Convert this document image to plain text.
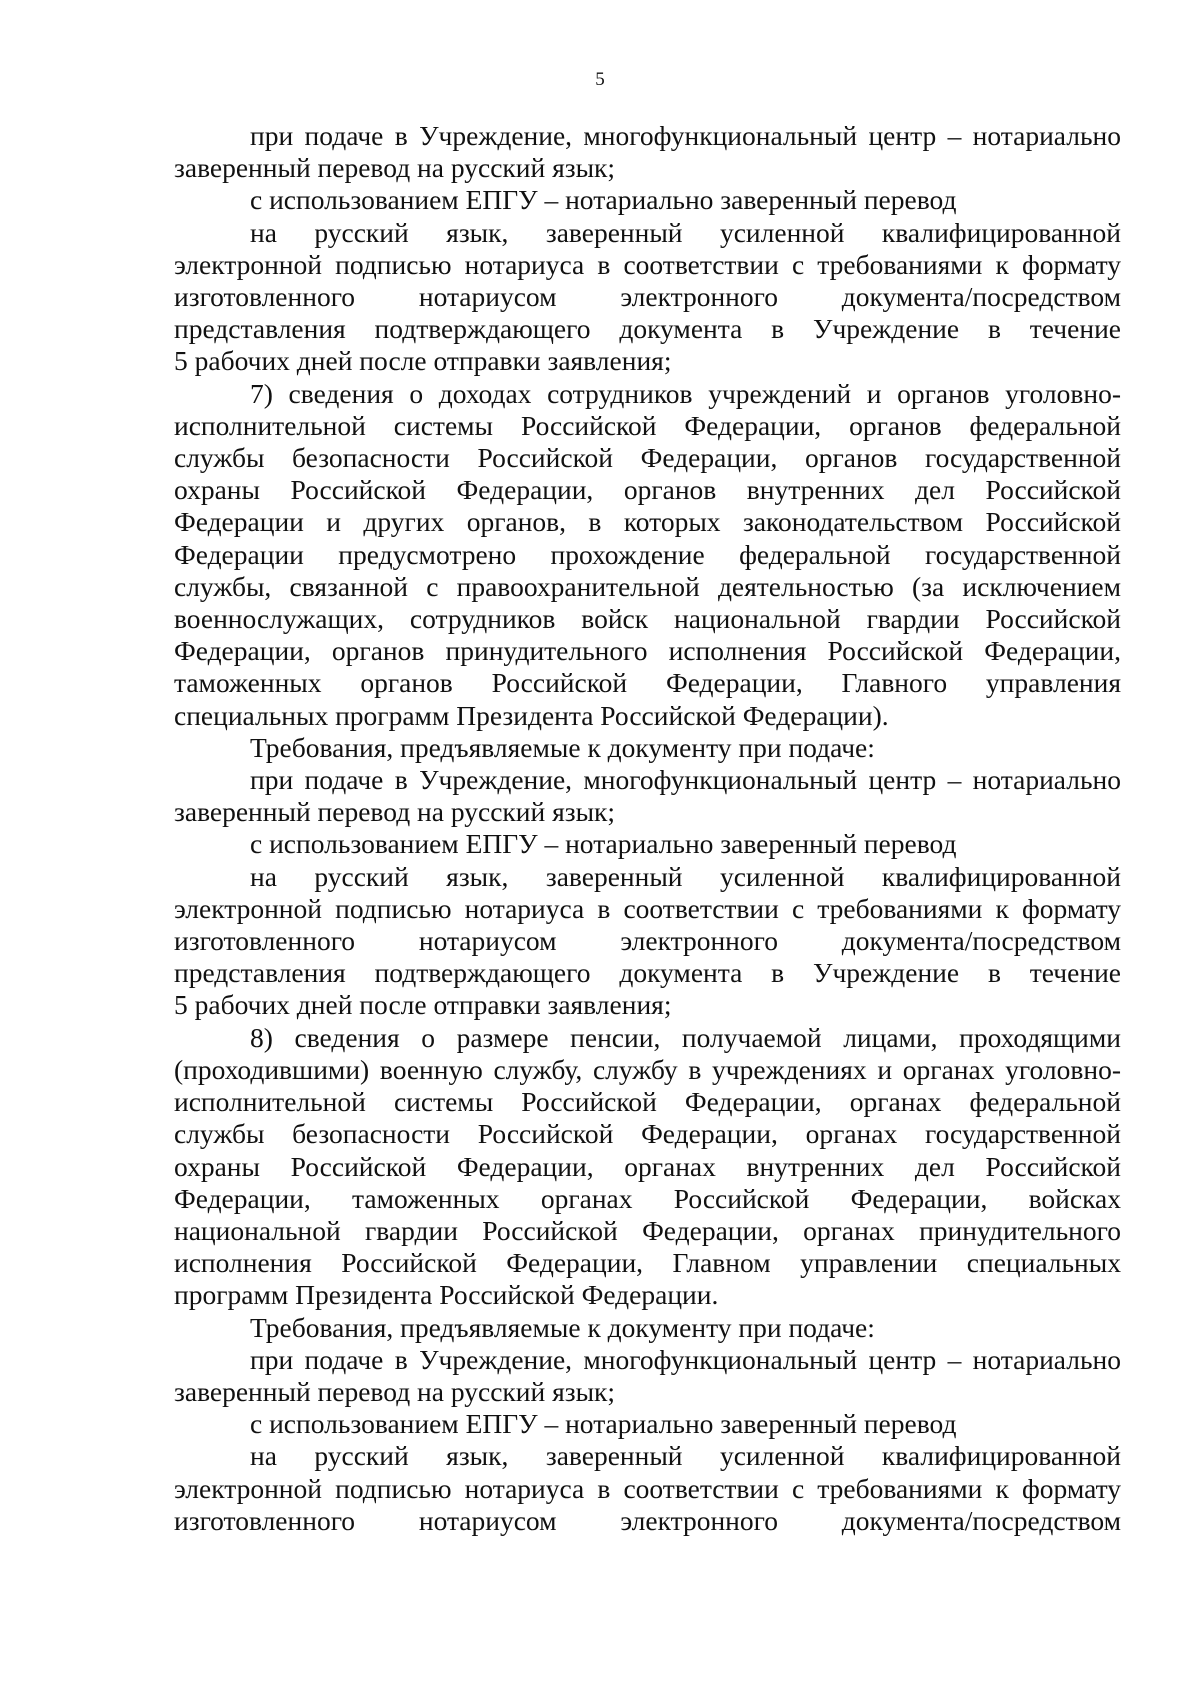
5
при подаче в Учреждение, многофункциональный центр – нотариально
заверенный перевод на русский язык;
с использованием ЕПГУ – нотариально заверенный перевод
на русский язык, заверенный усиленной квалифицированной
электронной подписью нотариуса в соответствии с требованиями к формату
изготовленного нотариусом электронного документа/посредством
представления подтверждающего документа в Учреждение в течение
5 рабочих дней после отправки заявления;
7) сведения о доходах сотрудников учреждений и органов уголовно-
исполнительной системы Российской Федерации, органов федеральной
службы безопасности Российской Федерации, органов государственной
охраны Российской Федерации, органов внутренних дел Российской
Федерации и других органов, в которых законодательством Российской
Федерации предусмотрено прохождение федеральной государственной
службы, связанной с правоохранительной деятельностью (за исключением
военнослужащих, сотрудников войск национальной гвардии Российской
Федерации, органов принудительного исполнения Российской Федерации,
таможенных органов Российской Федерации, Главного управления
специальных программ Президента Российской Федерации).
Требования, предъявляемые к документу при подаче:
при подаче в Учреждение, многофункциональный центр – нотариально
заверенный перевод на русский язык;
с использованием ЕПГУ – нотариально заверенный перевод
на русский язык, заверенный усиленной квалифицированной
электронной подписью нотариуса в соответствии с требованиями к формату
изготовленного нотариусом электронного документа/посредством
представления подтверждающего документа в Учреждение в течение
5 рабочих дней после отправки заявления;
8) сведения о размере пенсии, получаемой лицами, проходящими
(проходившими) военную службу, службу в учреждениях и органах уголовно-
исполнительной системы Российской Федерации, органах федеральной
службы безопасности Российской Федерации, органах государственной
охраны Российской Федерации, органах внутренних дел Российской
Федерации, таможенных органах Российской Федерации, войсках
национальной гвардии Российской Федерации, органах принудительного
исполнения Российской Федерации, Главном управлении специальных
программ Президента Российской Федерации.
Требования, предъявляемые к документу при подаче:
при подаче в Учреждение, многофункциональный центр – нотариально
заверенный перевод на русский язык;
с использованием ЕПГУ – нотариально заверенный перевод
на русский язык, заверенный усиленной квалифицированной
электронной подписью нотариуса в соответствии с требованиями к формату
изготовленного нотариусом электронного документа/посредством
